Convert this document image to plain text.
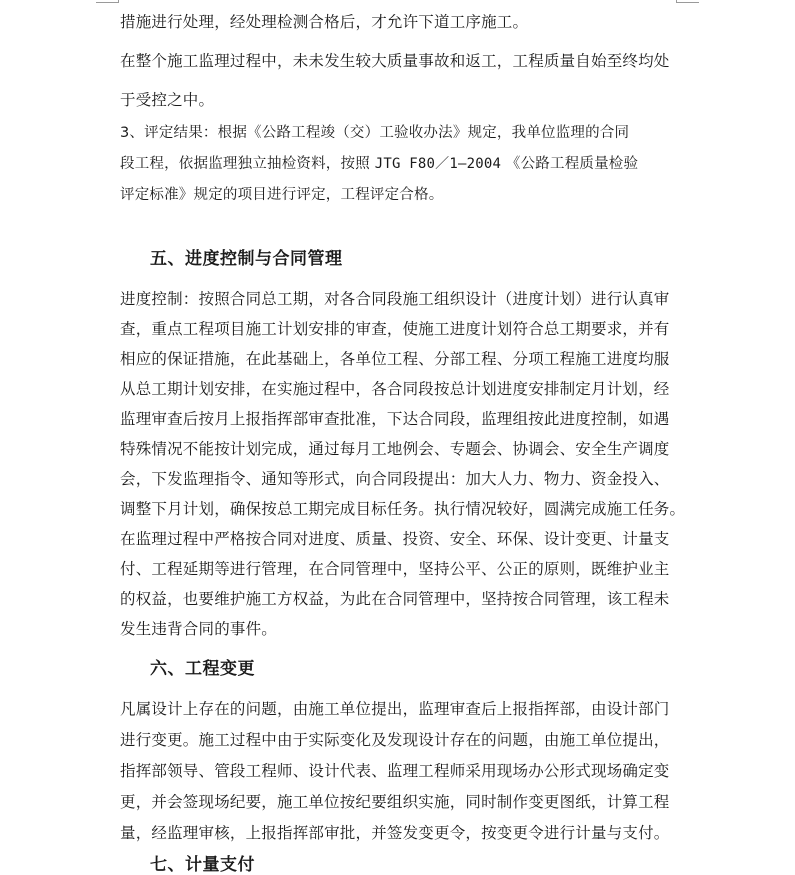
措施进行处理，经处理检测合格后，才允许下道工序施工。
在整个施工监理过程中，未未发生较大质量事故和返工，工程质量自始至终均处
于受控之中。
3、评定结果：根据《公路工程竣（交）工验收办法》规定，我单位监理的合同
段工程，依据监理独立抽检资料，按照 JTG F80／1—2004 《公路工程质量检验
评定标准》规定的项目进行评定，工程评定合格。
五、进度控制与合同管理
进度控制：按照合同总工期，对各合同段施工组织设计（进度计划）进行认真审
查，重点工程项目施工计划安排的审查，使施工进度计划符合总工期要求，并有
相应的保证措施，在此基础上，各单位工程、分部工程、分项工程施工进度均服
从总工期计划安排，在实施过程中，各合同段按总计划进度安排制定月计划，经
监理审查后按月上报指挥部审查批准，下达合同段，监理组按此进度控制，如遇
特殊情况不能按计划完成，通过每月工地例会、专题会、协调会、安全生产调度
会，下发监理指令、通知等形式，向合同段提出：加大人力、物力、资金投入、
调整下月计划，确保按总工期完成目标任务。执行情况较好，圆满完成施工任务。
在监理过程中严格按合同对进度、质量、投资、安全、环保、设计变更、计量支
付、工程延期等进行管理，在合同管理中，坚持公平、公正的原则，既维护业主
的权益，也要维护施工方权益，为此在合同管理中，坚持按合同管理，该工程未
发生违背合同的事件。
六、工程变更
凡属设计上存在的问题，由施工单位提出，监理审查后上报指挥部，由设计部门
进行变更。施工过程中由于实际变化及发现设计存在的问题，由施工单位提出，
指挥部领导、管段工程师、设计代表、监理工程师采用现场办公形式现场确定变
更，并会签现场纪要，施工单位按纪要组织实施，同时制作变更图纸，计算工程
量，经监理审核，上报指挥部审批，并签发变更令，按变更令进行计量与支付。
七、计量支付
